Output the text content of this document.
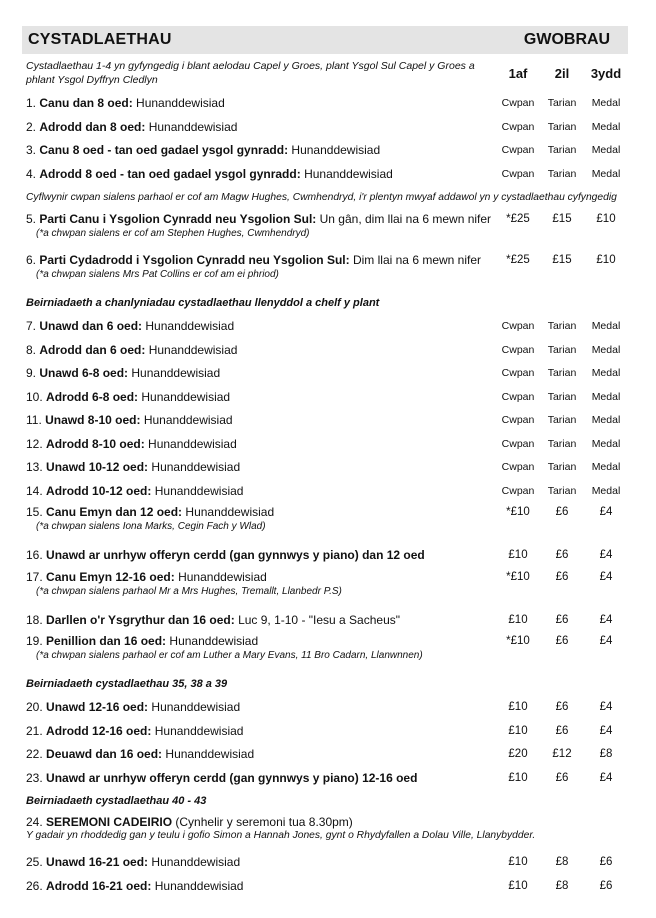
CYSTADLAETHAU	GWOBRAU
Cystadlaethau 1-4 yn gyfyngedig i blant aelodau Capel y Groes, plant Ysgol Sul Capel y Groes a phlant Ysgol Dyffryn Cledlyn	1af	2il	3ydd
1. Canu dan 8 oed: Hunanddewisiad	Cwpan	Tarian	Medal
2. Adrodd dan 8 oed: Hunanddewisiad	Cwpan	Tarian	Medal
3. Canu 8 oed - tan oed gadael ysgol gynradd: Hunanddewisiad	Cwpan	Tarian	Medal
4. Adrodd 8 oed - tan oed gadael ysgol gynradd: Hunanddewisiad	Cwpan	Tarian	Medal
Cyflwynir cwpan sialens parhaol er cof am Magw Hughes, Cwmhendryd, i'r plentyn mwyaf addawol yn y cystadlaethau cyfyngedig
5. Parti Canu i Ysgolion Cynradd neu Ysgolion Sul: Un gân, dim llai na 6 mewn nifer
(*a chwpan sialens er cof am Stephen Hughes, Cwmhendryd)
*£25	£15	£10
6. Parti Cydadrodd i Ysgolion Cynradd neu Ysgolion Sul: Dim llai na 6 mewn nifer
(*a chwpan sialens Mrs Pat Collins er cof am ei phriod)
*£25	£15	£10
Beirniadaeth a chanlyniadau cystadlaethau llenyddol a chelf y plant
7. Unawd dan 6 oed: Hunanddewisiad	Cwpan	Tarian	Medal
8. Adrodd dan 6 oed: Hunanddewisiad	Cwpan	Tarian	Medal
9. Unawd 6-8 oed: Hunanddewisiad	Cwpan	Tarian	Medal
10. Adrodd 6-8 oed: Hunanddewisiad	Cwpan	Tarian	Medal
11. Unawd 8-10 oed: Hunanddewisiad	Cwpan	Tarian	Medal
12. Adrodd 8-10 oed: Hunanddewisiad	Cwpan	Tarian	Medal
13. Unawd 10-12 oed: Hunanddewisiad	Cwpan	Tarian	Medal
14. Adrodd 10-12 oed: Hunanddewisiad	Cwpan	Tarian	Medal
15. Canu Emyn dan 12 oed: Hunanddewisiad
(*a chwpan sialens Iona Marks, Cegin Fach y Wlad)
*£10	£6	£4
16. Unawd ar unrhyw offeryn cerdd (gan gynnwys y piano) dan 12 oed	£10	£6	£4
17. Canu Emyn 12-16 oed: Hunanddewisiad
(*a chwpan sialens parhaol Mr a Mrs Hughes, Tremallt, Llanbedr P.S)
*£10	£6	£4
18. Darllen o'r Ysgrythur dan 16 oed: Luc 9, 1-10 - "Iesu a Sacheus"	£10	£6	£4
19. Penillion dan 16 oed: Hunanddewisiad
(*a chwpan sialens parhaol er cof am Luther a Mary Evans, 11 Bro Cadarn, Llanwnnen)
*£10	£6	£4
Beirniadaeth cystadlaethau 35, 38 a 39
20. Unawd 12-16 oed: Hunanddewisiad	£10	£6	£4
21. Adrodd 12-16 oed: Hunanddewisiad	£10	£6	£4
22. Deuawd dan 16 oed: Hunanddewisiad	£20	£12	£8
23. Unawd ar unrhyw offeryn cerdd (gan gynnwys y piano) 12-16 oed	£10	£6	£4
Beirniadaeth cystadlaethau 40 - 43
24. SEREMONI CADEIRIO (Cynhelir y seremoni tua 8.30pm)
Y gadair yn rhoddedig gan y teulu i gofio Simon a Hannah Jones, gynt o Rhydyfallen a Dolau Ville, Llanybydder.
25. Unawd 16-21 oed: Hunanddewisiad	£10	£8	£6
26. Adrodd 16-21 oed: Hunanddewisiad	£10	£8	£6
